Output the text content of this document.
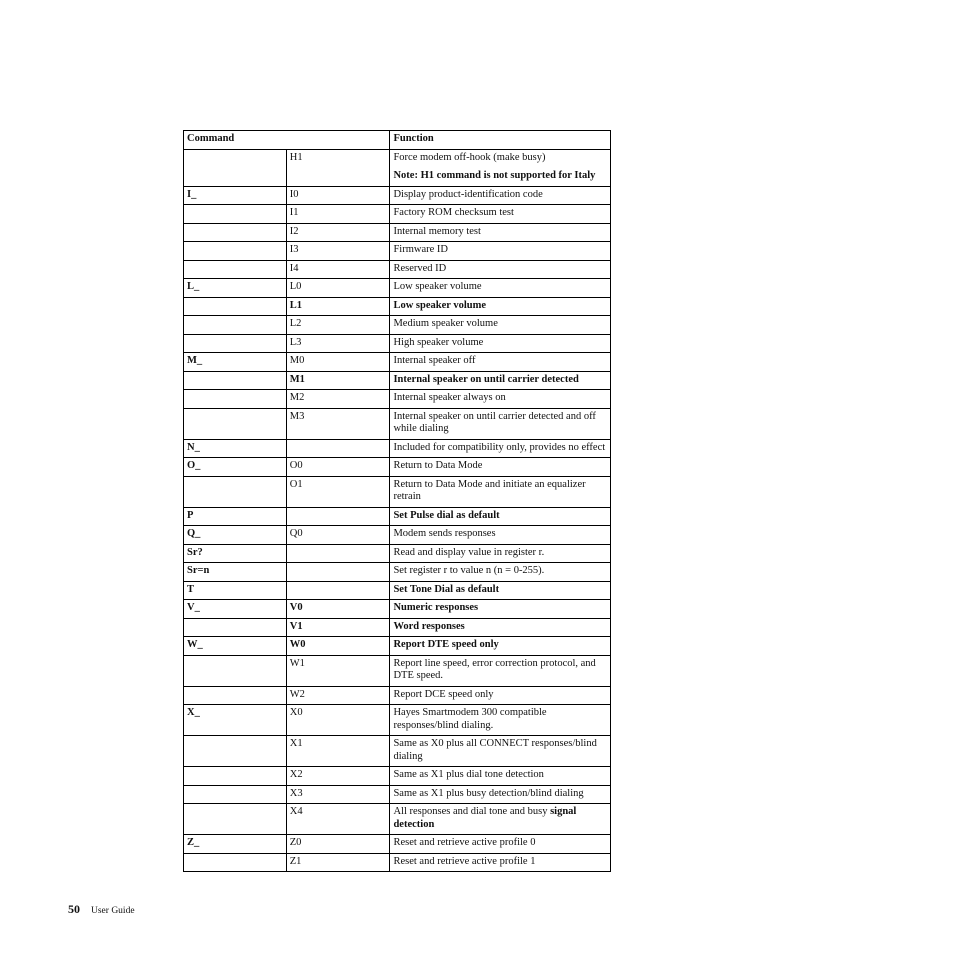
Command		Function
	H1	Force modem off-hook (make busy)
Note: H1 command is not supported for Italy

I_	I0	Display product-identification code
	I1	Factory ROM checksum test
	I2	Internal memory test
	I3	Firmware ID
	I4	Reserved ID
L_	L0	Low speaker volume
	L1	Low speaker volume
	L2	Medium speaker volume
	L3	High speaker volume
M_	M0	Internal speaker off
	M1	Internal speaker on until carrier detected
	M2	Internal speaker always on
	M3	Internal speaker on until carrier detected and off while dialing
N_		Included for compatibility only, provides no effect
O_	O0	Return to Data Mode
	O1	Return to Data Mode and initiate an equalizer retrain
P		Set Pulse dial as default
Q_	Q0	Modem sends responses
Sr?		Read and display value in register r.
Sr=n		Set register r to value n (n = 0-255).
T		Set Tone Dial as default
V_	V0	Numeric responses
	V1	Word responses
W_	W0	Report DTE speed only
	W1	Report line speed, error correction protocol, and DTE speed.
	W2	Report DCE speed only
X_	X0	Hayes Smartmodem 300 compatible responses/blind dialing.
	X1	Same as X0 plus all CONNECT responses/blind dialing
	X2	Same as X1 plus dial tone detection
	X3	Same as X1 plus busy detection/blind dialing
	X4	All responses and dial tone and busy signal detection
Z_	Z0	Reset and retrieve active profile 0
	Z1	Reset and retrieve active profile 1
50 User Guide
